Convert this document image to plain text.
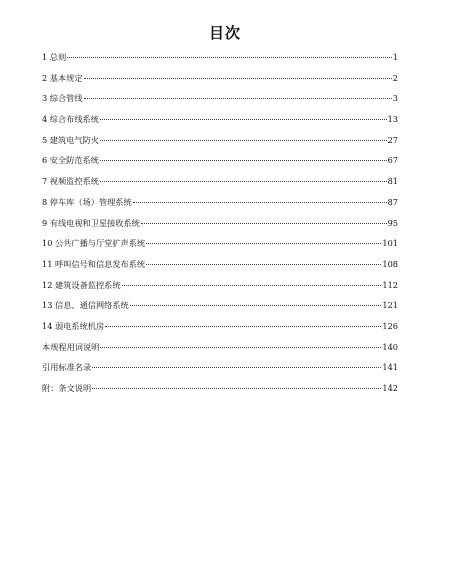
目次
1 总则	1
2 基本规定	2
3 综合管线	3
4 综合布线系统	13
5 建筑电气防火	27
6 安全防范系统	67
7 视频监控系统	81
8 停车库（场）管理系统	87
9 有线电视和卫星接收系统	95
10 公共广播与厅堂扩声系统	101
11 呼叫信号和信息发布系统	108
12 建筑设备监控系统	112
13 信息、通信网络系统	121
14 弱电系统机房	126
本规程用词说明	140
引用标准名录	141
附：条文说明	142
